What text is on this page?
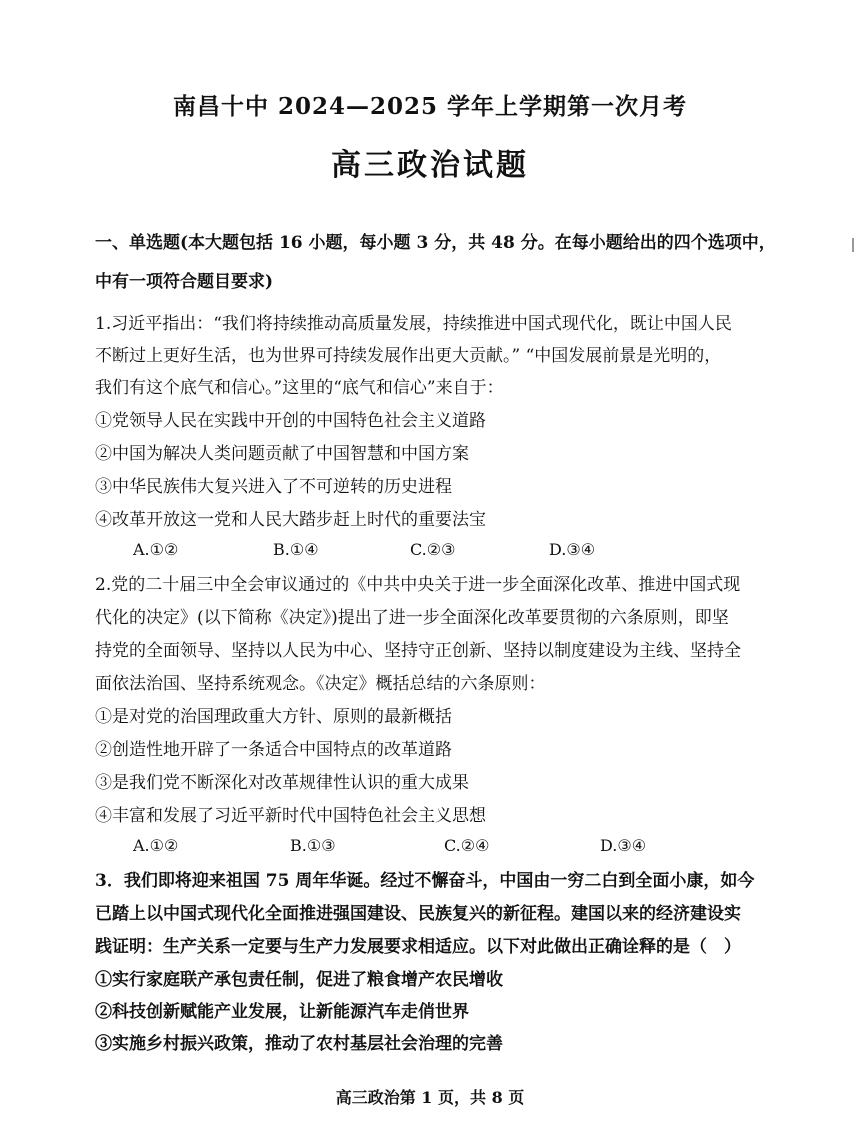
南昌十中 2024—2025 学年上学期第一次月考
高三政治试题
一、单选题(本大题包括 16 小题，每小题 3 分，共 48 分。在每小题给出的四个选项中，
中有一项符合题目要求)
1.习近平指出：“我们将持续推动高质量发展，持续推进中国式现代化，既让中国人民
不断过上更好生活，也为世界可持续发展作出更大贡献。” “中国发展前景是光明的，
我们有这个底气和信心。”这里的“底气和信心”来自于：
①党领导人民在实践中开创的中国特色社会主义道路
②中国为解决人类问题贡献了中国智慧和中国方案
③中华民族伟大复兴进入了不可逆转的历史进程
④改革开放这一党和人民大踏步赶上时代的重要法宝
A.①②	B.①④	C.②③	D.③④
2.党的二十届三中全会审议通过的《中共中央关于进一步全面深化改革、推进中国式现
代化的决定》(以下简称《决定》)提出了进一步全面深化改革要贯彻的六条原则，即坚
持党的全面领导、坚持以人民为中心、坚持守正创新、坚持以制度建设为主线、坚持全
面依法治国、坚持系统观念。《决定》概括总结的六条原则：
①是对党的治国理政重大方针、原则的最新概括
②创造性地开辟了一条适合中国特点的改革道路
③是我们党不断深化对改革规律性认识的重大成果
④丰富和发展了习近平新时代中国特色社会主义思想
A.①②	B.①③	C.②④	D.③④
3．我们即将迎来祖国 75 周年华诞。经过不懈奋斗，中国由一穷二白到全面小康，如今
已踏上以中国式现代化全面推进强国建设、民族复兴的新征程。建国以来的经济建设实
践证明：生产关系一定要与生产力发展要求相适应。以下对此做出正确诠释的是（　）
①实行家庭联产承包责任制，促进了粮食增产农民增收
②科技创新赋能产业发展，让新能源汽车走俏世界
③实施乡村振兴政策，推动了农村基层社会治理的完善
高三政治第 1 页，共 8 页
